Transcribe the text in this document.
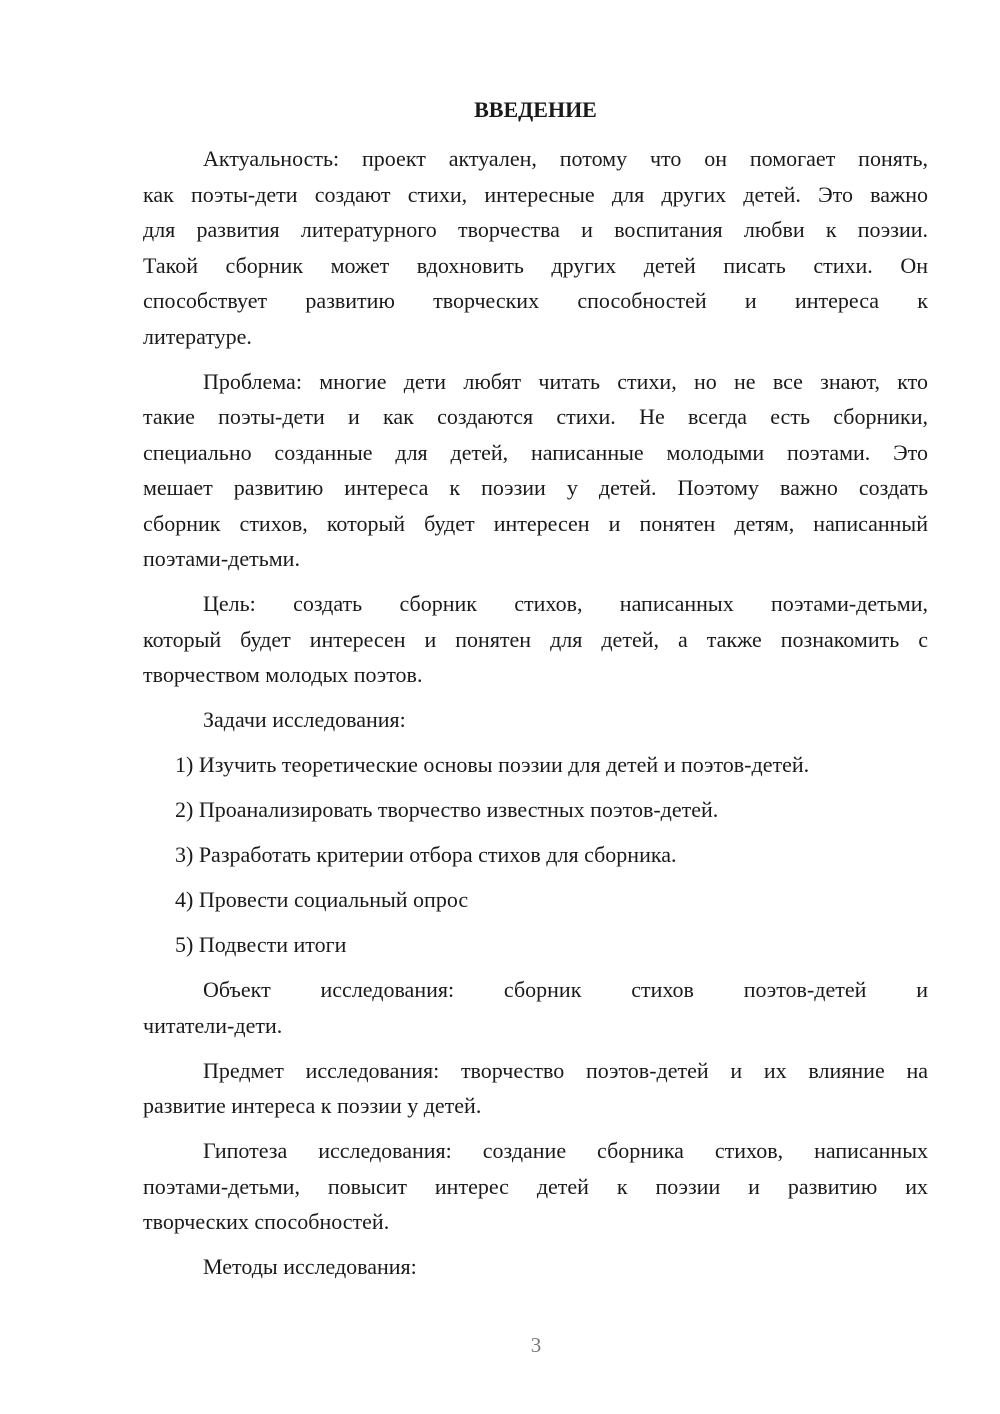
ВВЕДЕНИЕ
Актуальность: проект актуален, потому что он помогает понять,
как поэты-дети создают стихи, интересные для других детей. Это важно
для развития литературного творчества и воспитания любви к поэзии.
Такой сборник может вдохновить других детей писать стихи. Он
способствует развитию творческих способностей и интереса к
литературе.
Проблема: многие дети любят читать стихи, но не все знают, кто
такие поэты-дети и как создаются стихи. Не всегда есть сборники,
специально созданные для детей, написанные молодыми поэтами. Это
мешает развитию интереса к поэзии у детей. Поэтому важно создать
сборник стихов, который будет интересен и понятен детям, написанный
поэтами-детьми.
Цель: создать сборник стихов, написанных поэтами-детьми,
который будет интересен и понятен для детей, а также познакомить с
творчеством молодых поэтов.
Задачи исследования:
1) Изучить теоретические основы поэзии для детей и поэтов-детей.
2) Проанализировать творчество известных поэтов-детей.
3) Разработать критерии отбора стихов для сборника.
4) Провести социальный опрос
5) Подвести итоги
Объект исследования: сборник стихов поэтов-детей и
читатели-дети.
Предмет исследования: творчество поэтов-детей и их влияние на
развитие интереса к поэзии у детей.
Гипотеза исследования: создание сборника стихов, написанных
поэтами-детьми, повысит интерес детей к поэзии и развитию их
творческих способностей.
Методы исследования:
3
